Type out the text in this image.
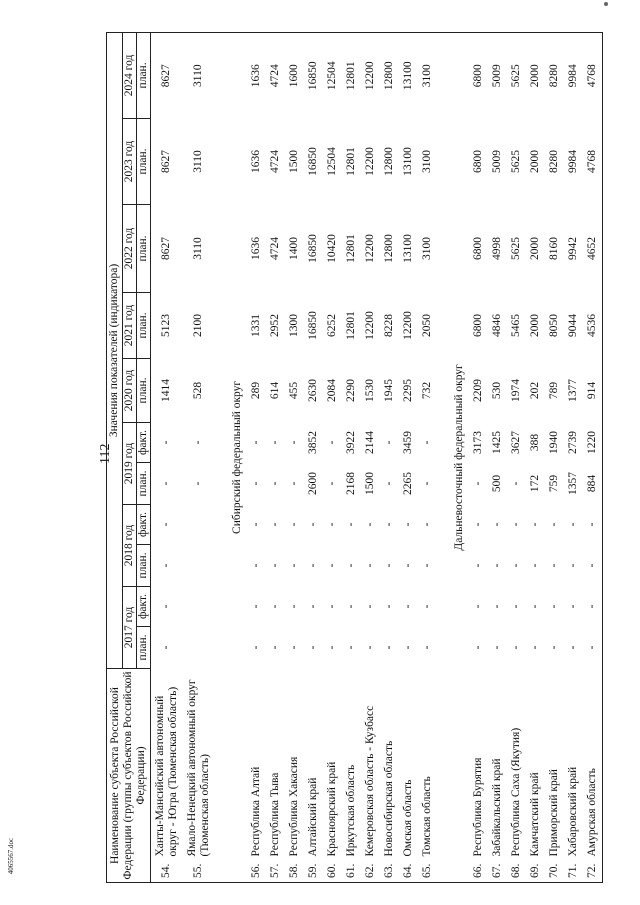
112
4065567.doc	Наименование субъекта Российской Федерации (группы субъектов Российской Федерации)		Значения показателей (индикатора)										
		2017 год		2018 год		2019 год		2020 год	2021 год	2022 год	2023 год	2024 год
		план.	факт.	план.	факт.	план.	факт.	план.	план.	план.	план.	план.
54.	Ханты-Мансийский автономный округ - Югра (Тюменская область)	-	-	-	-	-	-	1414	5123	8627	8627	8627
55.	Ямало-Ненецкий автономный округ (Тюменская область)					-	-	528	2100	3110	3110	3110

Сибирский федеральный округ												
56.	Республика Алтай	-	-	-	-	-	-	289	1331	1636	1636	1636
57.	Республика Тыва	-	-	-	-	-	-	614	2952	4724	4724	4724
58.	Республика Хакасия	-	-	-	-	-	-	455	1300	1400	1500	1600
59.	Алтайский край	-	-	-	-	2600	3852	2630	16850	16850	16850	16850
60.	Красноярский край	-	-	-	-	-	-	2084	6252	10420	12504	12504
61.	Иркутская область	-	-	-	-	2168	3922	2290	12801	12801	12801	12801
62.	Кемеровская область - Кузбасс	-	-	-	-	1500	2144	1530	12200	12200	12200	12200
63.	Новосибирская область	-	-	-	-	-	-	1945	8228	12800	12800	12800
64.	Омская область	-	-	-	-	2265	3459	2295	12200	13100	13100	13100
65.	Томская область	-	-	-	-	-	-	732	2050	3100	3100	3100

Дальневосточный федеральный округ												
66.	Республика Бурятия	-	-	-	-	-	3173	2209	6800	6800	6800	6800
67.	Забайкальский край	-	-	-	-	500	1425	530	4846	4998	5009	5009
68.	Республика Саха (Якутия)	-	-	-	-	-	3627	1974	5465	5625	5625	5625
69.	Камчатский край	-	-	-	-	172	388	202	2000	2000	2000	2000
70.	Приморский край	-	-	-	-	759	1940	789	8050	8160	8280	8280
71.	Хабаровский край	-	-	-	-	1357	2739	1377	9044	9942	9984	9984
72.	Амурская область	-	-	-	-	884	1220	914	4536	4652	4768	4768
